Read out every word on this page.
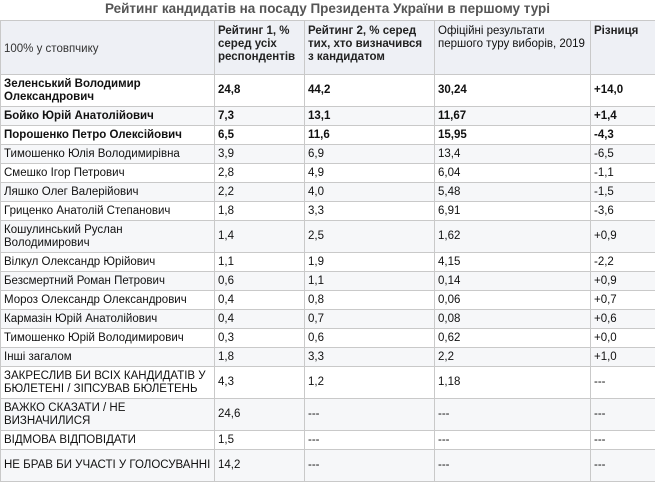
Рейтинг кандидатів на посаду Президента України в першому турі
100% у стовпчику	Рейтинг 1, % серед усіх респондентів	Рейтинг 2, % серед тих, хто визначився з кандидатом	Офіційні результати першого туру виборів, 2019	Різниця
Зеленський Володимир Олександрович	24,8	44,2	30,24	+14,0
Бойко Юрій Анатолійович	7,3	13,1	11,67	+1,4
Порошенко Петро Олексійович	6,5	11,6	15,95	-4,3
Тимошенко Юлія Володимирівна	3,9	6,9	13,4	-6,5
Смешко Ігор Петрович	2,8	4,9	6,04	-1,1
Ляшко Олег Валерійович	2,2	4,0	5,48	-1,5
Гриценко Анатолій Степанович	1,8	3,3	6,91	-3,6
Кошулинський Руслан Володимирович	1,4	2,5	1,62	+0,9
Вілкул Олександр Юрійович	1,1	1,9	4,15	-2,2
Безсмертний Роман Петрович	0,6	1,1	0,14	+0,9
Мороз Олександр Олександрович	0,4	0,8	0,06	+0,7
Кармазін Юрій Анатолійович	0,4	0,7	0,08	+0,6
Тимошенко Юрій Володимирович	0,3	0,6	0,62	+0,0
Інші загалом	1,8	3,3	2,2	+1,0
ЗАКРЕСЛИВ БИ ВСІХ КАНДИДАТІВ У БЮЛЕТЕНІ / ЗІПСУВАВ БЮЛЕТЕНЬ	4,3	1,2	1,18	---
ВАЖКО СКАЗАТИ / НЕ ВИЗНАЧИЛИСЯ	24,6	---	---	---
ВІДМОВА ВІДПОВІДАТИ	1,5	---	---	---
НЕ БРАВ БИ УЧАСТІ У ГОЛОСУВАННІ	14,2	---	---	---
